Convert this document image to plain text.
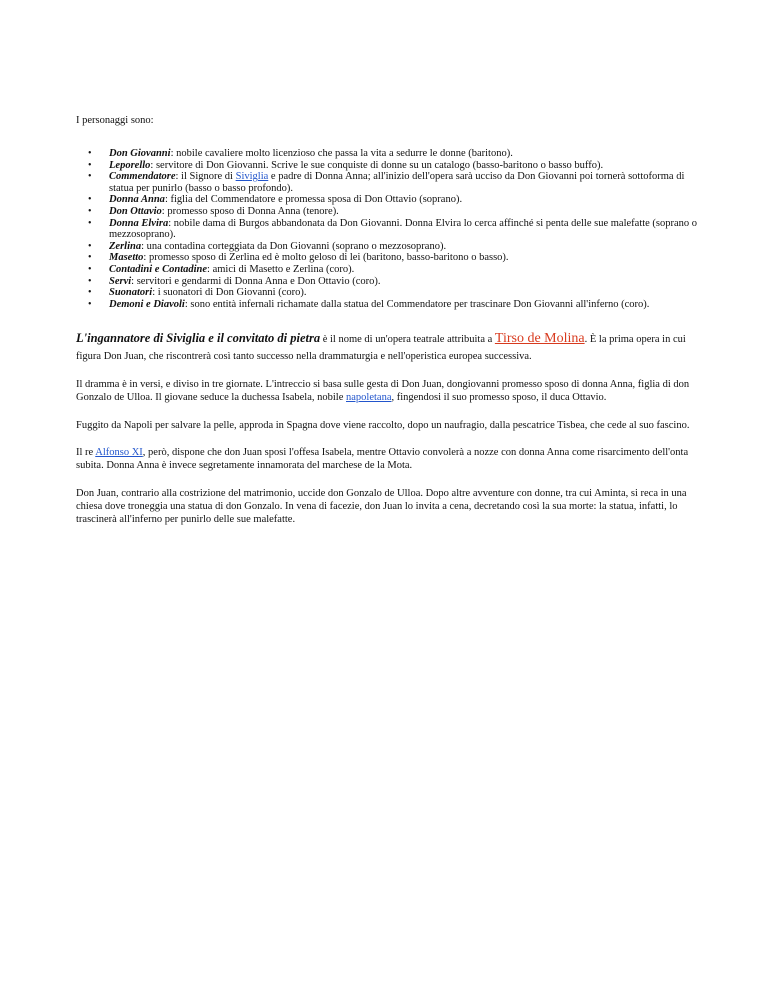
I personaggi sono:
• Don Giovanni: nobile cavaliere molto licenzioso che passa la vita a sedurre le donne (baritono).
• Leporello: servitore di Don Giovanni. Scrive le sue conquiste di donne su un catalogo (basso-baritono o basso buffo).
• Commendatore: il Signore di Siviglia e padre di Donna Anna; all'inizio dell'opera sarà ucciso da Don Giovanni poi tornerà sottoforma di statua per punirlo (basso o basso profondo).
• Donna Anna: figlia del Commendatore e promessa sposa di Don Ottavio (soprano).
• Don Ottavio: promesso sposo di Donna Anna (tenore).
• Donna Elvira: nobile dama di Burgos abbandonata da Don Giovanni. Donna Elvira lo cerca affinché si penta delle sue malefatte (soprano o mezzosoprano).
• Zerlina: una contadina corteggiata da Don Giovanni (soprano o mezzosoprano).
• Masetto: promesso sposo di Zerlina ed è molto geloso di lei (baritono, basso-baritono o basso).
• Contadini e Contadine: amici di Masetto e Zerlina (coro).
• Servi: servitori e gendarmi di Donna Anna e Don Ottavio (coro).
• Suonatori: i suonatori di Don Giovanni (coro).
• Demoni e Diavoli: sono entità infernali richamate dalla statua del Commendatore per trascinare Don Giovanni all'inferno (coro).

L'ingannatore di Siviglia e il convitato di pietra è il nome di un'opera teatrale attribuita a Tirso de Molina. È la prima opera in cui figura Don Juan, che riscontrerà così tanto successo nella drammaturgia e nell'operistica europea successiva.

Il dramma è in versi, e diviso in tre giornate. L'intreccio si basa sulle gesta di Don Juan, dongiovanni promesso sposo di donna Anna, figlia di don Gonzalo de Ulloa. Il giovane seduce la duchessa Isabela, nobile napoletana, fingendosi il suo promesso sposo, il duca Ottavio.

Fuggito da Napoli per salvare la pelle, approda in Spagna dove viene raccolto, dopo un naufragio, dalla pescatrice Tisbea, che cede al suo fascino.

Il re Alfonso XI, però, dispone che don Juan sposi l'offesa Isabela, mentre Ottavio convolerà a nozze con donna Anna come risarcimento dell'onta subita. Donna Anna è invece segretamente innamorata del marchese de la Mota.

Don Juan, contrario alla costrizione del matrimonio, uccide don Gonzalo de Ulloa. Dopo altre avventure con donne, tra cui Aminta, si reca in una chiesa dove troneggia una statua di don Gonzalo. In vena di facezie, don Juan lo invita a cena, decretando così la sua morte: la statua, infatti, lo trascinerà all'inferno per punirlo delle sue malefatte.
